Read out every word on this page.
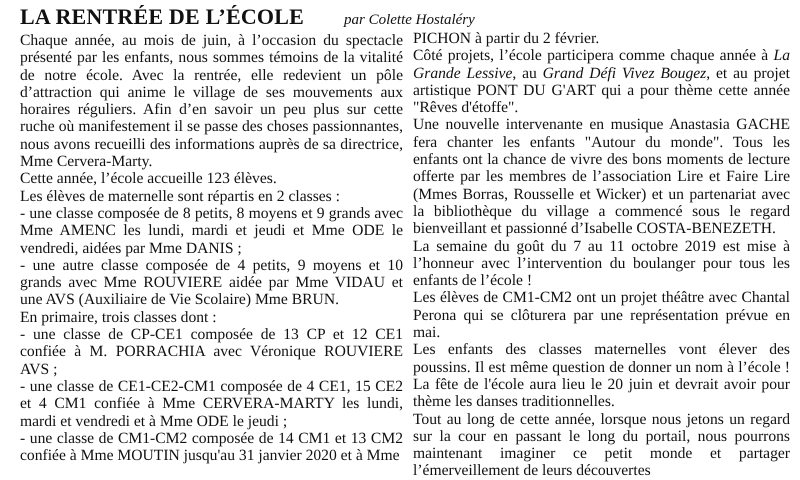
LA RENTRÉE DE L’ÉCOLE	par Colette Hostaléry

Chaque année, au mois de juin, à l’occasion du spectacle présenté par les enfants, nous sommes témoins de la vitalité de notre école. Avec la rentrée, elle redevient un pôle d’attraction qui anime le village de ses mouvements aux horaires réguliers. Afin d’en savoir un peu plus sur cette ruche où manifestement il se passe des choses passionnantes, nous avons recueilli des informations auprès de sa directrice, Mme Cervera-Marty.

Cette année, l’école accueille 123 élèves.

Les élèves de maternelle sont répartis en 2 classes :

- une classe composée de 8 petits, 8 moyens et 9 grands avec Mme AMENC les lundi, mardi et jeudi et Mme ODE le vendredi, aidées par Mme DANIS ;

- une autre classe composée de 4 petits, 9 moyens et 10 grands avec Mme ROUVIERE aidée par Mme VIDAU et une AVS (Auxiliaire de Vie Scolaire) Mme BRUN.

En primaire, trois classes dont :

- une classe de CP-CE1 composée de 13 CP et 12 CE1 confiée à M. PORRACHIA avec Véronique ROUVIERE AVS ;

- une classe de CE1-CE2-CM1 composée de 4 CE1, 15 CE2 et 4 CM1 confiée à Mme CERVERA-MARTY les lundi, mardi et vendredi et à Mme ODE le jeudi ;

- une classe de CM1-CM2 composée de 14 CM1 et 13 CM2 confiée à Mme MOUTIN jusqu'au 31 janvier 2020 et à Mme

PICHON à partir du 2 février.

Côté projets, l’école participera comme chaque année à La Grande Lessive, au Grand Défi Vivez Bougez, et au projet artistique PONT DU G'ART qui a pour thème cette année "Rêves d'étoffe".

Une nouvelle intervenante en musique Anastasia GACHE fera chanter les enfants "Autour du monde". Tous les enfants ont la chance de vivre des bons moments de lecture offerte par les membres de l’association Lire et Faire Lire (Mmes Borras, Rousselle et Wicker) et un partenariat avec la bibliothèque du village a commencé sous le regard bienveillant et passionné d’Isabelle COSTA-BENEZETH.

La semaine du goût du 7 au 11 octobre 2019 est mise à l’honneur avec l’intervention du boulanger pour tous les enfants de l’école !

Les élèves de CM1-CM2 ont un projet théâtre avec Chantal Perona qui se clôturera par une représentation prévue en mai.

Les enfants des classes maternelles vont élever des poussins. Il est même question de donner un nom à l’école ! La fête de l'école aura lieu le 20 juin et devrait avoir pour thème les danses traditionnelles.

Tout au long de cette année, lorsque nous jetons un regard sur la cour en passant le long du portail, nous pourrons maintenant imaginer ce petit monde et partager l’émerveillement de leurs découvertes
